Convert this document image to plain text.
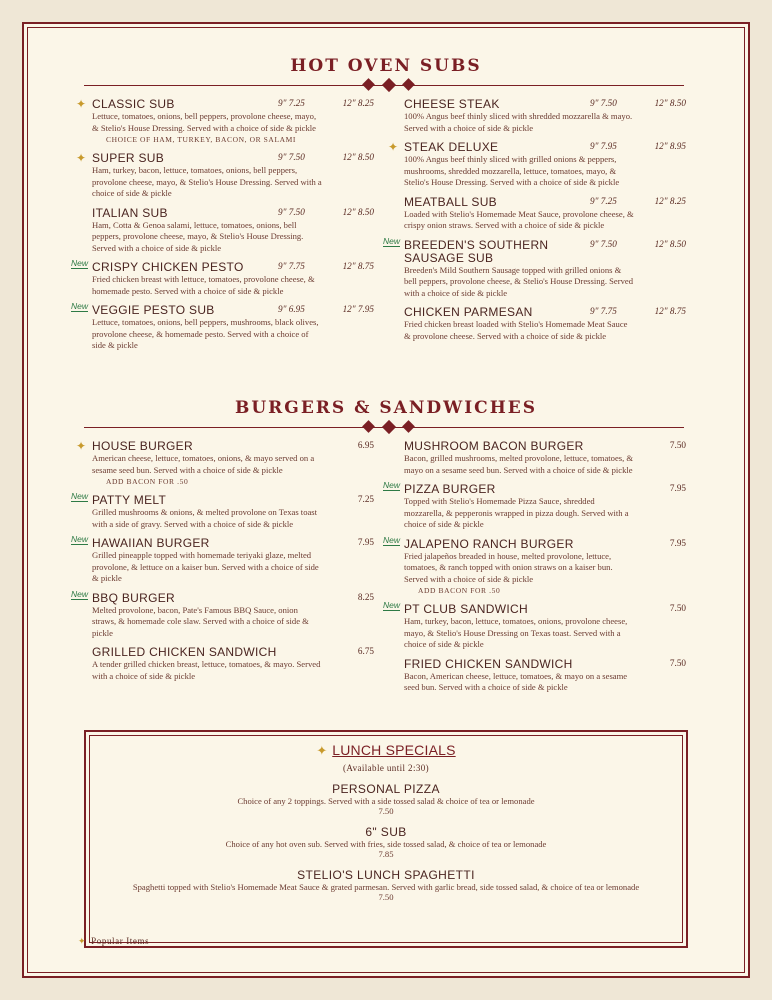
HOT OVEN SUBS
✦ CLASSIC SUB	9" 7.25	12" 8.25
Lettuce, tomatoes, onions, bell peppers, provolone cheese, mayo, & Stelio's House Dressing. Served with a choice of side & pickle
CHOICE OF HAM, TURKEY, BACON, OR SALAMI
✦ SUPER SUB	9" 7.50	12" 8.50
Ham, turkey, bacon, lettuce, tomatoes, onions, bell peppers, provolone cheese, mayo, & Stelio's House Dressing. Served with a choice of side & pickle
ITALIAN SUB	9" 7.50	12" 8.50
Ham, Cotta & Genoa salami, lettuce, tomatoes, onions, bell peppers, provolone cheese, mayo, & Stelio's House Dressing. Served with a choice of side & pickle
New CRISPY CHICKEN PESTO	9" 7.75	12" 8.75
Fried chicken breast with lettuce, tomatoes, provolone cheese, & homemade pesto. Served with a choice of side & pickle
New VEGGIE PESTO SUB	9" 6.95	12" 7.95
Lettuce, tomatoes, onions, bell peppers, mushrooms, black olives, provolone cheese, & homemade pesto. Served with a choice of side & pickle
CHEESE STEAK	9" 7.50	12" 8.50
100% Angus beef thinly sliced with shredded mozzarella & mayo. Served with a choice of side & pickle
✦ STEAK DELUXE	9" 7.95	12" 8.95
100% Angus beef thinly sliced with grilled onions & peppers, mushrooms, shredded mozzarella, lettuce, tomatoes, mayo, & Stelio's House Dressing. Served with a choice of side & pickle
MEATBALL SUB	9" 7.25	12" 8.25
Loaded with Stelio's Homemade Meat Sauce, provolone cheese, & crispy onion straws. Served with a choice of side & pickle
New BREEDEN'S SOUTHERN SAUSAGE SUB
9" 7.50	12" 8.50
Breeden's Mild Southern Sausage topped with grilled onions & bell peppers, provolone cheese, & Stelio's House Dressing. Served with a choice of side & pickle
CHICKEN PARMESAN	9" 7.75	12" 8.75
Fried chicken breast loaded with Stelio's Homemade Meat Sauce & provolone cheese. Served with a choice of side & pickle
BURGERS & SANDWICHES
✦ HOUSE BURGER	6.95
American cheese, lettuce, tomatoes, onions, & mayo served on a sesame seed bun. Served with a choice of side & pickle
ADD BACON FOR .50
New PATTY MELT	7.25
Grilled mushrooms & onions, & melted provolone on Texas toast with a side of gravy. Served with a choice of side & pickle
New HAWAIIAN BURGER	7.95
Grilled pineapple topped with homemade teriyaki glaze, melted provolone, & lettuce on a kaiser bun. Served with a choice of side & pickle
New BBQ BURGER	8.25
Melted provolone, bacon, Pate's Famous BBQ Sauce, onion straws, & homemade cole slaw. Served with a choice of side & pickle
GRILLED CHICKEN SANDWICH	6.75
A tender grilled chicken breast, lettuce, tomatoes, & mayo. Served with a choice of side & pickle
MUSHROOM BACON BURGER	7.50
Bacon, grilled mushrooms, melted provolone, lettuce, tomatoes, & mayo on a sesame seed bun. Served with a choice of side & pickle
New PIZZA BURGER	7.95
Topped with Stelio's Homemade Pizza Sauce, shredded mozzarella, & pepperonis wrapped in pizza dough. Served with a choice of side & pickle
New JALAPENO RANCH BURGER	7.95
Fried jalapeños breaded in house, melted provolone, lettuce, tomatoes, & ranch topped with onion straws on a kaiser bun. Served with a choice of side & pickle
ADD BACON FOR .50
New PT CLUB SANDWICH	7.50
Ham, turkey, bacon, lettuce, tomatoes, onions, provolone cheese, mayo, & Stelio's House Dressing on Texas toast. Served with a choice of side & pickle
FRIED CHICKEN SANDWICH	7.50
Bacon, American cheese, lettuce, tomatoes, & mayo on a sesame seed bun. Served with a choice of side & pickle
✦ LUNCH SPECIALS
(Available until 2:30)
PERSONAL PIZZA
Choice of any 2 toppings. Served with a side tossed salad & choice of tea or lemonade
7.50
6" SUB
Choice of any hot oven sub. Served with fries, side tossed salad, & choice of tea or lemonade
7.85
STELIO'S LUNCH SPAGHETTI
Spaghetti topped with Stelio's Homemade Meat Sauce & grated parmesan. Served with garlic bread, side tossed salad, & choice of tea or lemonade
7.50
✦ Popular Items
